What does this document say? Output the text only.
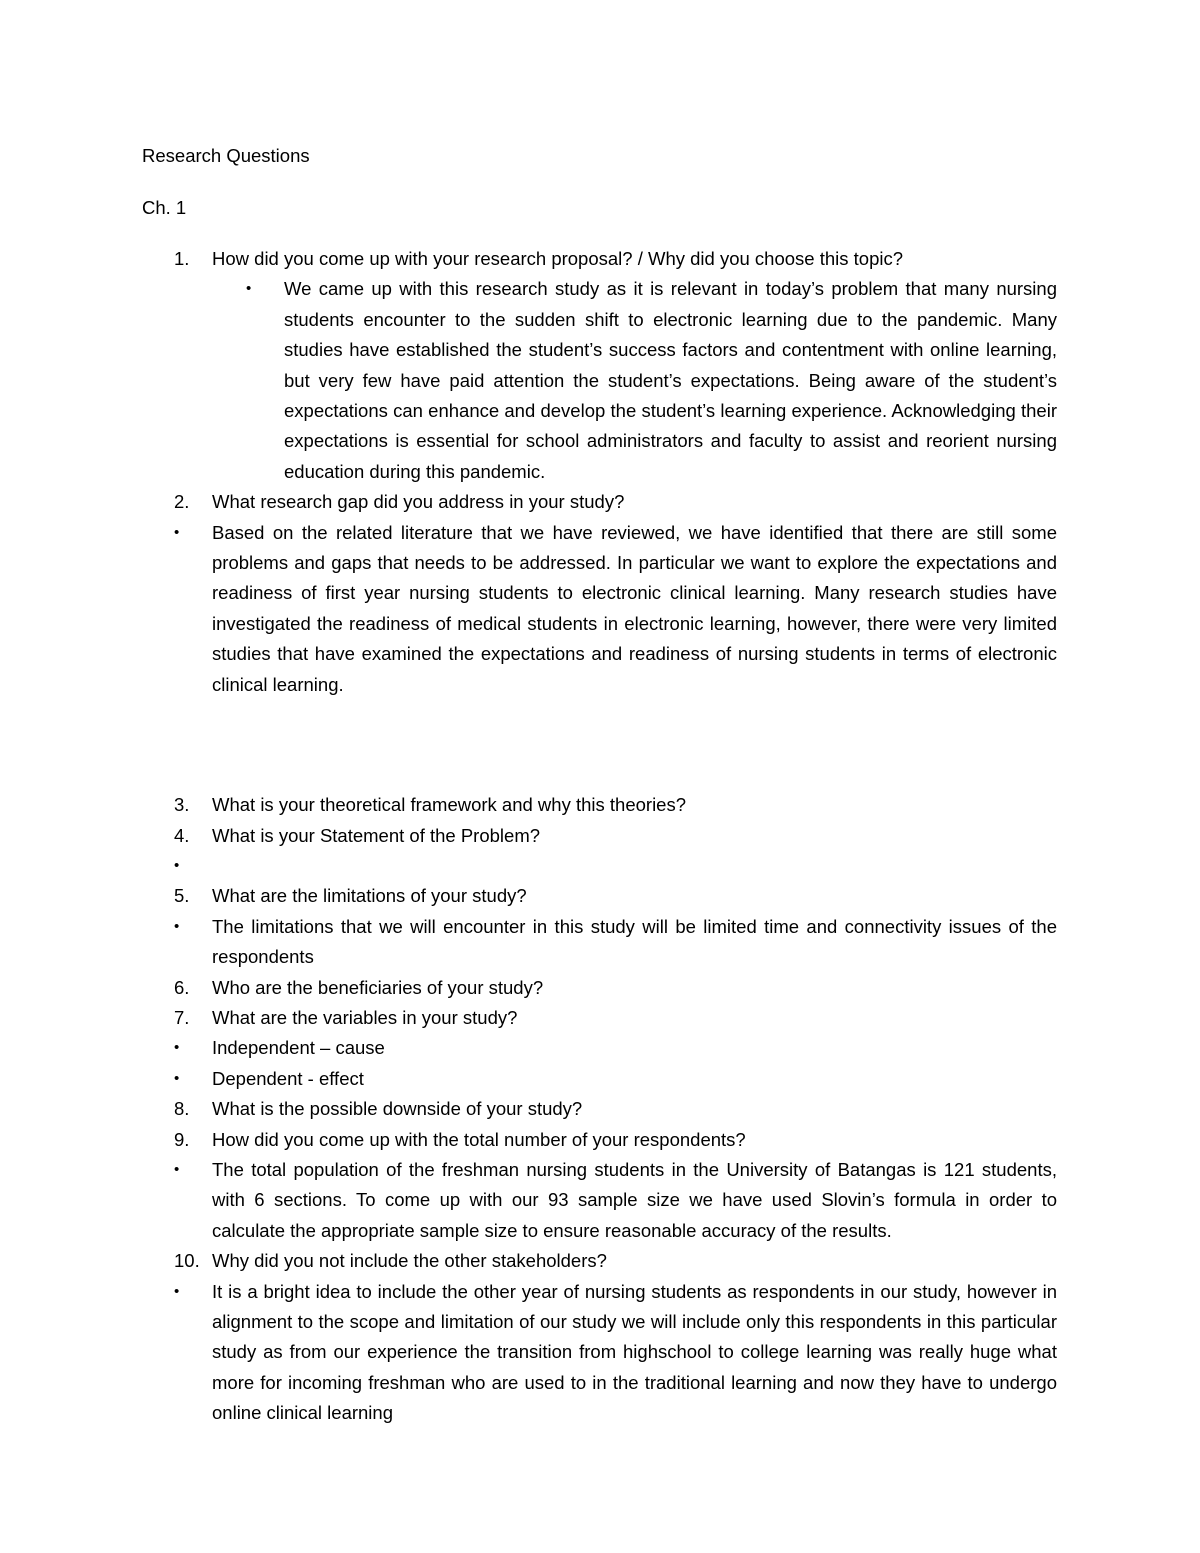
Research Questions
Ch. 1
1.	How did you come up with your research proposal? / Why did you choose this topic?
• We came up with this research study as it is relevant in today’s problem that many nursing students encounter to the sudden shift to electronic learning due to the pandemic. Many studies have established the student’s success factors and contentment with online learning, but very few have paid attention the student’s expectations. Being aware of the student’s expectations can enhance and develop the student’s learning experience. Acknowledging their expectations is essential for school administrators and faculty to assist and reorient nursing education during this pandemic.
2.	What research gap did you address in your study?
• Based on the related literature that we have reviewed, we have identified that there are still some problems and gaps that needs to be addressed. In particular we want to explore the expectations and readiness of first year nursing students to electronic clinical learning. Many research studies have investigated the readiness of medical students in electronic learning, however, there were very limited studies that have examined the expectations and readiness of nursing students in terms of electronic clinical learning.
3.	What is your theoretical framework and why this theories?
4.	What is your Statement of the Problem?
•
5.	What are the limitations of your study?
• The limitations that we will encounter in this study will be limited time and connectivity issues of the respondents
6.	Who are the beneficiaries of your study?
7.	What are the variables in your study?
• Independent – cause
• Dependent - effect
8.	What is the possible downside of your study?
9.	How did you come up with the total number of your respondents?
• The total population of the freshman nursing students in the University of Batangas is 121 students, with 6 sections. To come up with our 93 sample size we have used Slovin’s formula in order to calculate the appropriate sample size to ensure reasonable accuracy of the results.
10. Why did you not include the other stakeholders?
• It is a bright idea to include the other year of nursing students as respondents in our study, however in alignment to the scope and limitation of our study we will include only this respondents in this particular study as from our experience the transition from highschool to college learning was really huge what more for incoming freshman who are used to in the traditional learning and now they have to undergo online clinical learning
